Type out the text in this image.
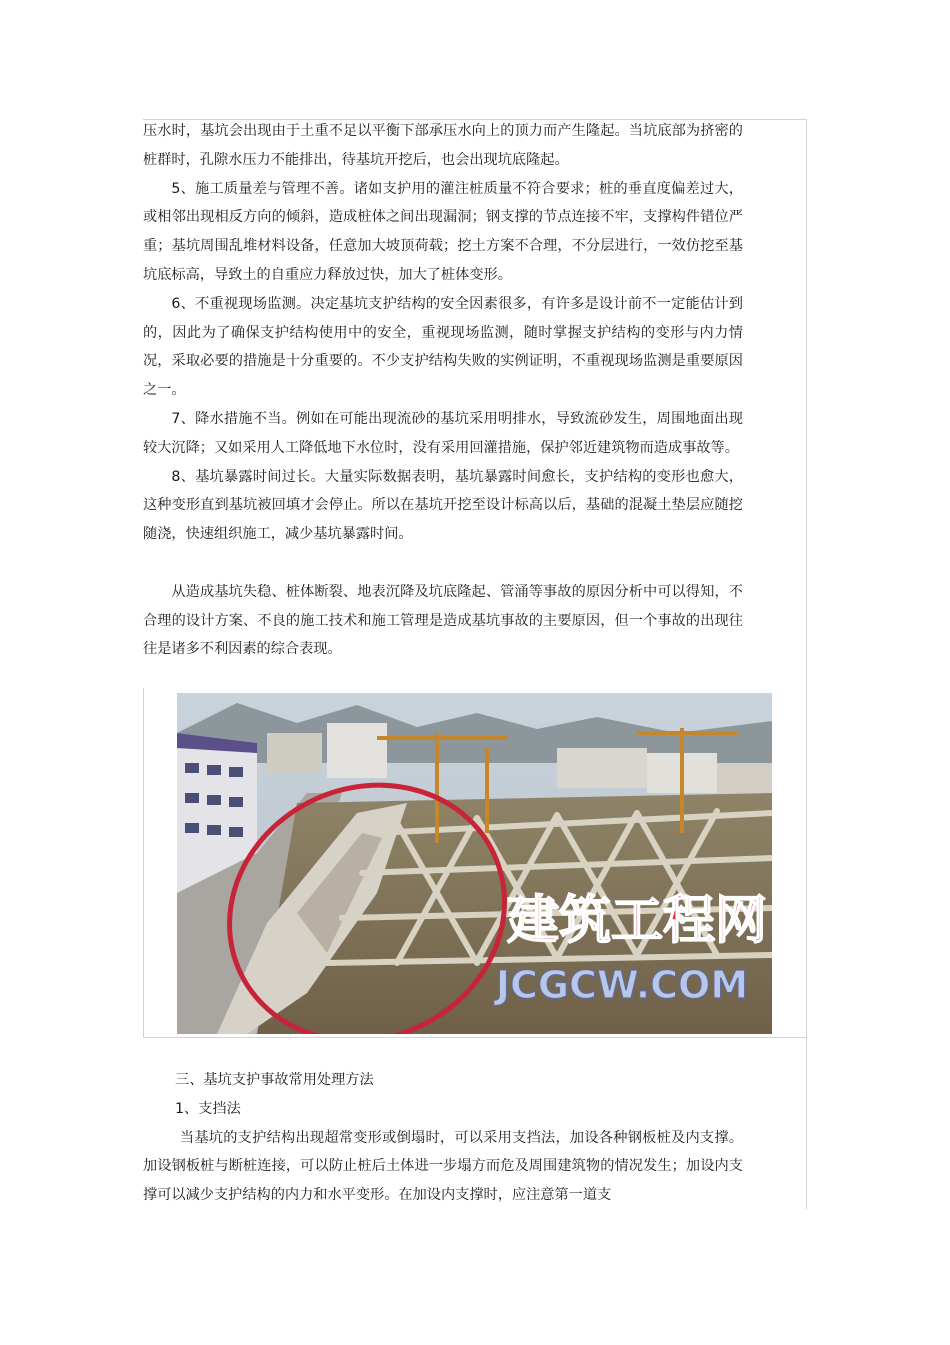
压水时，基坑会出现由于土重不足以平衡下部承压水向上的顶力而产生隆起。当坑底部为挤密的桩群时，孔隙水压力不能排出，待基坑开挖后，也会出现坑底隆起。

5、施工质量差与管理不善。诸如支护用的灌注桩质量不符合要求；桩的垂直度偏差过大，或相邻出现相反方向的倾斜，造成桩体之间出现漏洞；钢支撑的节点连接不牢，支撑构件错位严重；基坑周围乱堆材料设备，任意加大坡顶荷载；挖土方案不合理，不分层进行，一效仿挖至基坑底标高，导致土的自重应力释放过快，加大了桩体变形。

6、不重视现场监测。决定基坑支护结构的安全因素很多，有许多是设计前不一定能估计到的，因此为了确保支护结构使用中的安全，重视现场监测，随时掌握支护结构的变形与内力情况，采取必要的措施是十分重要的。不少支护结构失败的实例证明，不重视现场监测是重要原因之一。

7、降水措施不当。例如在可能出现流砂的基坑采用明排水，导致流砂发生，周围地面出现较大沉降；又如采用人工降低地下水位时，没有采用回灌措施，保护邻近建筑物而造成事故等。

8、基坑暴露时间过长。大量实际数据表明，基坑暴露时间愈长，支护结构的变形也愈大，这种变形直到基坑被回填才会停止。所以在基坑开挖至设计标高以后，基础的混凝土垫层应随挖随浇，快速组织施工，减少基坑暴露时间。

从造成基坑失稳、桩体断裂、地表沉降及坑底隆起、管涌等事故的原因分析中可以得知，不合理的设计方案、不良的施工技术和施工管理是造成基坑事故的主要原因，但一个事故的出现往往是诸多不利因素的综合表现。

建筑工程网
JCGCW.COM

三、基坑支护事故常用处理方法

1、支挡法

当基坑的支护结构出现超常变形或倒塌时，可以采用支挡法，加设各种钢板桩及内支撑。加设钢板桩与断桩连接，可以防止桩后土体进一步塌方而危及周围建筑物的情况发生；加设内支撑可以减少支护结构的内力和水平变形。在加设内支撑时，应注意第一道支
